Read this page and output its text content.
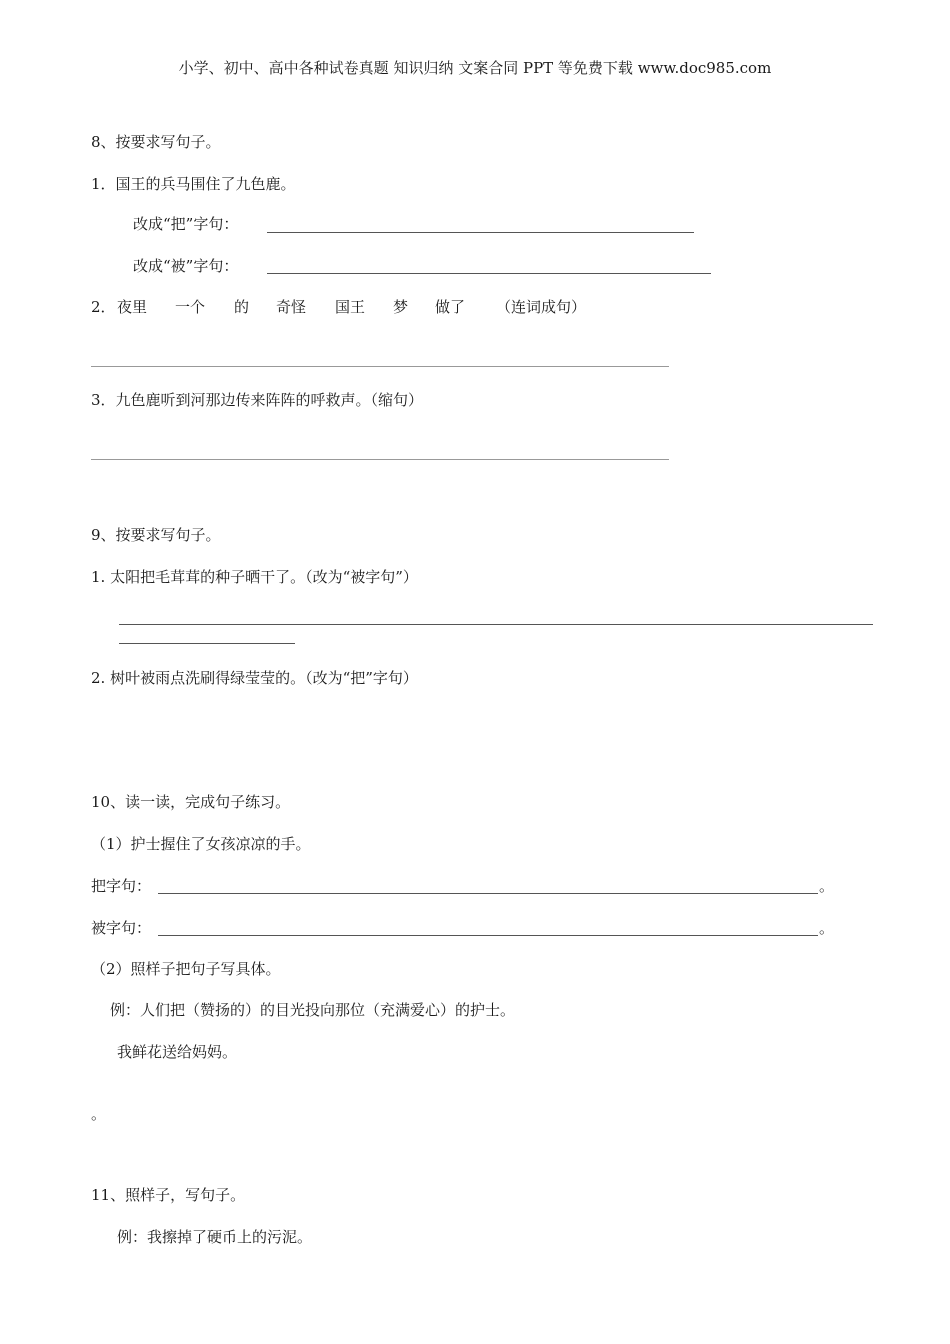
小学、初中、高中各种试卷真题 知识归纳 文案合同 PPT 等免费下载 www.doc985.com
8、按要求写句子。
1．国王的兵马围住了九色鹿。
改成“把”字句：
改成“被”字句：
2． 夜里 一个 的 奇怪 国王 梦 做了 （连词成句）
3．九色鹿听到河那边传来阵阵的呼救声。（缩句）
9、按要求写句子。
1. 太阳把毛茸茸的种子晒干了。（改为“被字句”）
2. 树叶被雨点洗刷得绿莹莹的。（改为“把”字句）
10、读一读，完成句子练习。
（1）护士握住了女孩凉凉的手。
把字句：	。
被字句：	。
（2）照样子把句子写具体。
例：人们把（赞扬的）的目光投向那位（充满爱心）的护士。
我鲜花送给妈妈。
。
11、照样子，写句子。
例：我擦掉了硬币上的污泥。
